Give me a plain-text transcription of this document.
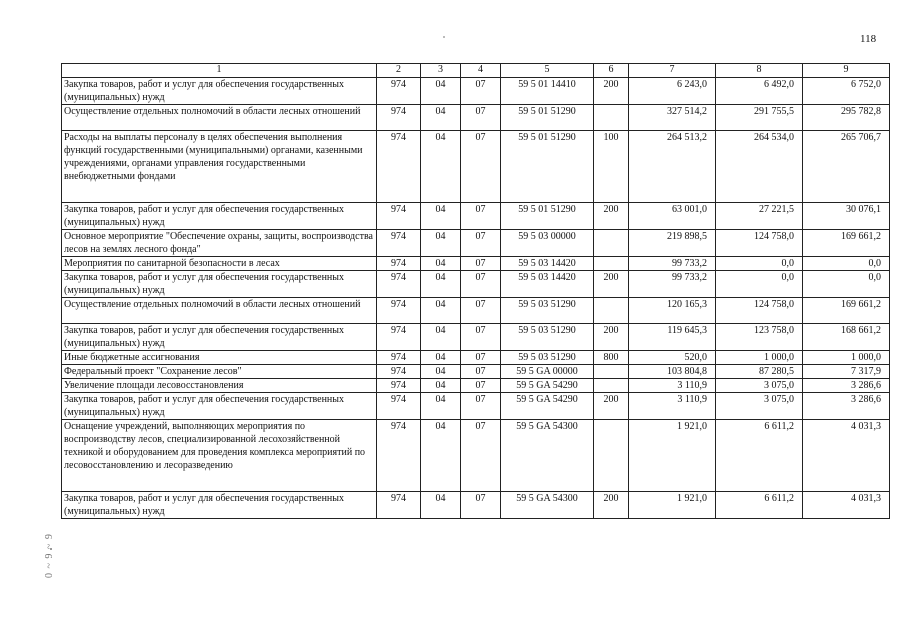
118
1	2	3	4	5	6	7	8	9
Закупка товаров, работ и услуг для обеспечения государственных (муниципальных) нужд	974	04	07	59 5 01 14410	200	6 243,0	6 492,0	6 752,0
Осуществление отдельных полномочий в области лесных отношений	974	04	07	59 5 01 51290		327 514,2	291 755,5	295 782,8
Расходы на выплаты персоналу в целях обеспечения выполнения функций государственными (муниципальными) органами, казенными учреждениями, органами управления государственными внебюджетными фондами	974	04	07	59 5 01 51290	100	264 513,2	264 534,0	265 706,7
Закупка товаров, работ и услуг для обеспечения государственных (муниципальных) нужд	974	04	07	59 5 01 51290	200	63 001,0	27 221,5	30 076,1
Основное мероприятие "Обеспечение охраны, защиты, воспроизводства лесов на землях лесного фонда"	974	04	07	59 5 03 00000		219 898,5	124 758,0	169 661,2
Мероприятия по санитарной безопасности в лесах	974	04	07	59 5 03 14420		99 733,2	0,0	0,0
Закупка товаров, работ и услуг для обеспечения государственных (муниципальных) нужд	974	04	07	59 5 03 14420	200	99 733,2	0,0	0,0
Осуществление отдельных полномочий в области лесных отношений	974	04	07	59 5 03 51290		120 165,3	124 758,0	169 661,2
Закупка товаров, работ и услуг для обеспечения государственных (муниципальных) нужд	974	04	07	59 5 03 51290	200	119 645,3	123 758,0	168 661,2
Иные бюджетные ассигнования	974	04	07	59 5 03 51290	800	520,0	1 000,0	1 000,0
Федеральный проект "Сохранение лесов"	974	04	07	59 5 GA 00000		103 804,8	87 280,5	7 317,9
Увеличение площади лесовосстановления	974	04	07	59 5 GA 54290		3 110,9	3 075,0	3 286,6
Закупка товаров, работ и услуг для обеспечения государственных (муниципальных) нужд	974	04	07	59 5 GA 54290	200	3 110,9	3 075,0	3 286,6
Оснащение учреждений, выполняющих мероприятия по воспроизводству лесов, специализированной лесохозяйственной техникой и оборудованием для проведения комплекса мероприятий по лесовосстановлению и лесоразведению	974	04	07	59 5 GA 54300		1 921,0	6 611,2	4 031,3
Закупка товаров, работ и услуг для обеспечения государственных (муниципальных) нужд	974	04	07	59 5 GA 54300	200	1 921,0	6 611,2	4 031,3
0 ~ 9 ~ 9
